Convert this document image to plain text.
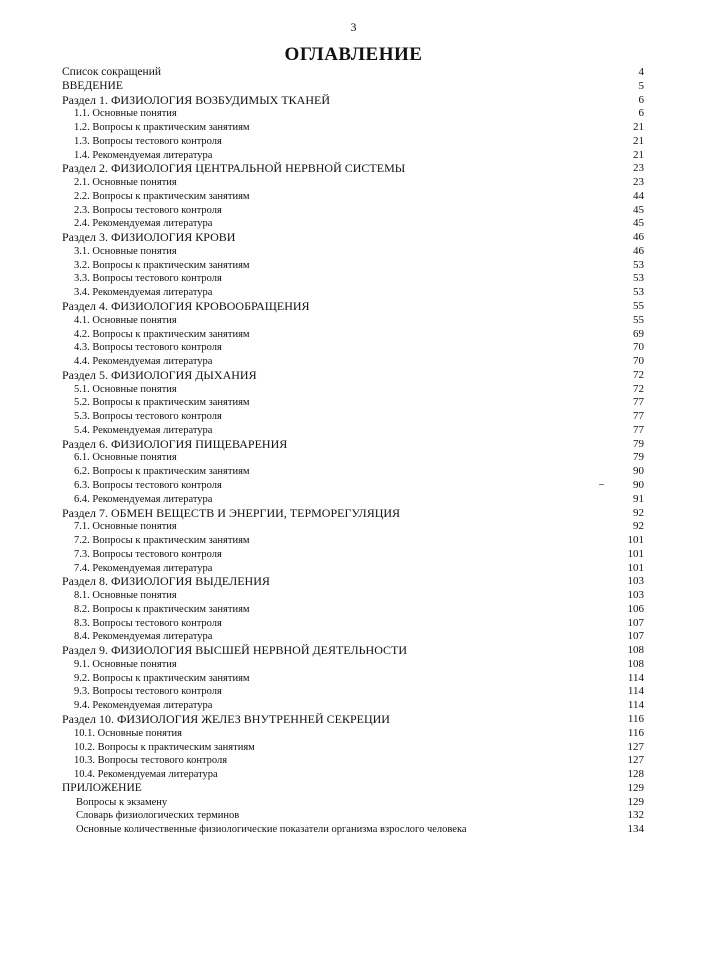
3
ОГЛАВЛЕНИЕ
Список сокращений	4
ВВЕДЕНИЕ	5
Раздел 1. ФИЗИОЛОГИЯ ВОЗБУДИМЫХ ТКАНЕЙ	6
1.1. Основные понятия	6
1.2. Вопросы к практическим занятиям	21
1.3. Вопросы тестового контроля	21
1.4. Рекомендуемая литература	21
Раздел 2. ФИЗИОЛОГИЯ ЦЕНТРАЛЬНОЙ НЕРВНОЙ СИСТЕМЫ	23
2.1. Основные понятия	23
2.2. Вопросы к практическим занятиям	44
2.3. Вопросы тестового контроля	45
2.4. Рекомендуемая литература	45
Раздел 3. ФИЗИОЛОГИЯ КРОВИ	46
3.1. Основные понятия	46
3.2. Вопросы к практическим занятиям	53
3.3. Вопросы тестового контроля	53
3.4. Рекомендуемая литература	53
Раздел 4. ФИЗИОЛОГИЯ КРОВООБРАЩЕНИЯ	55
4.1. Основные понятия	55
4.2. Вопросы к практическим занятиям	69
4.3. Вопросы тестового контроля	70
4.4. Рекомендуемая литература	70
Раздел 5. ФИЗИОЛОГИЯ ДЫХАНИЯ	72
5.1. Основные понятия	72
5.2. Вопросы к практическим занятиям	77
5.3. Вопросы тестового контроля	77
5.4. Рекомендуемая литература	77
Раздел 6. ФИЗИОЛОГИЯ ПИЩЕВАРЕНИЯ	79
6.1. Основные понятия	79
6.2. Вопросы к практическим занятиям	90
6.3. Вопросы тестового контроля	90
6.4. Рекомендуемая литература	91
Раздел 7. ОБМЕН ВЕЩЕСТВ И ЭНЕРГИИ, ТЕРМОРЕГУЛЯЦИЯ	92
7.1. Основные понятия	92
7.2. Вопросы к практическим занятиям	101
7.3. Вопросы тестового контроля	101
7.4. Рекомендуемая литература	101
Раздел 8. ФИЗИОЛОГИЯ ВЫДЕЛЕНИЯ	103
8.1. Основные понятия	103
8.2. Вопросы к практическим занятиям	106
8.3. Вопросы тестового контроля	107
8.4. Рекомендуемая литература	107
Раздел 9. ФИЗИОЛОГИЯ ВЫСШЕЙ НЕРВНОЙ ДЕЯТЕЛЬНОСТИ	108
9.1. Основные понятия	108
9.2. Вопросы к практическим занятиям	114
9.3. Вопросы тестового контроля	114
9.4. Рекомендуемая литература	114
Раздел 10. ФИЗИОЛОГИЯ ЖЕЛЕЗ ВНУТРЕННЕЙ СЕКРЕЦИИ	116
10.1. Основные понятия	116
10.2. Вопросы к практическим занятиям	127
10.3. Вопросы тестового контроля	127
10.4. Рекомендуемая литература	128
ПРИЛОЖЕНИЕ	129
Вопросы к экзамену	129
Словарь физиологических терминов	132
Основные количественные физиологические показатели организма взрослого человека	134
